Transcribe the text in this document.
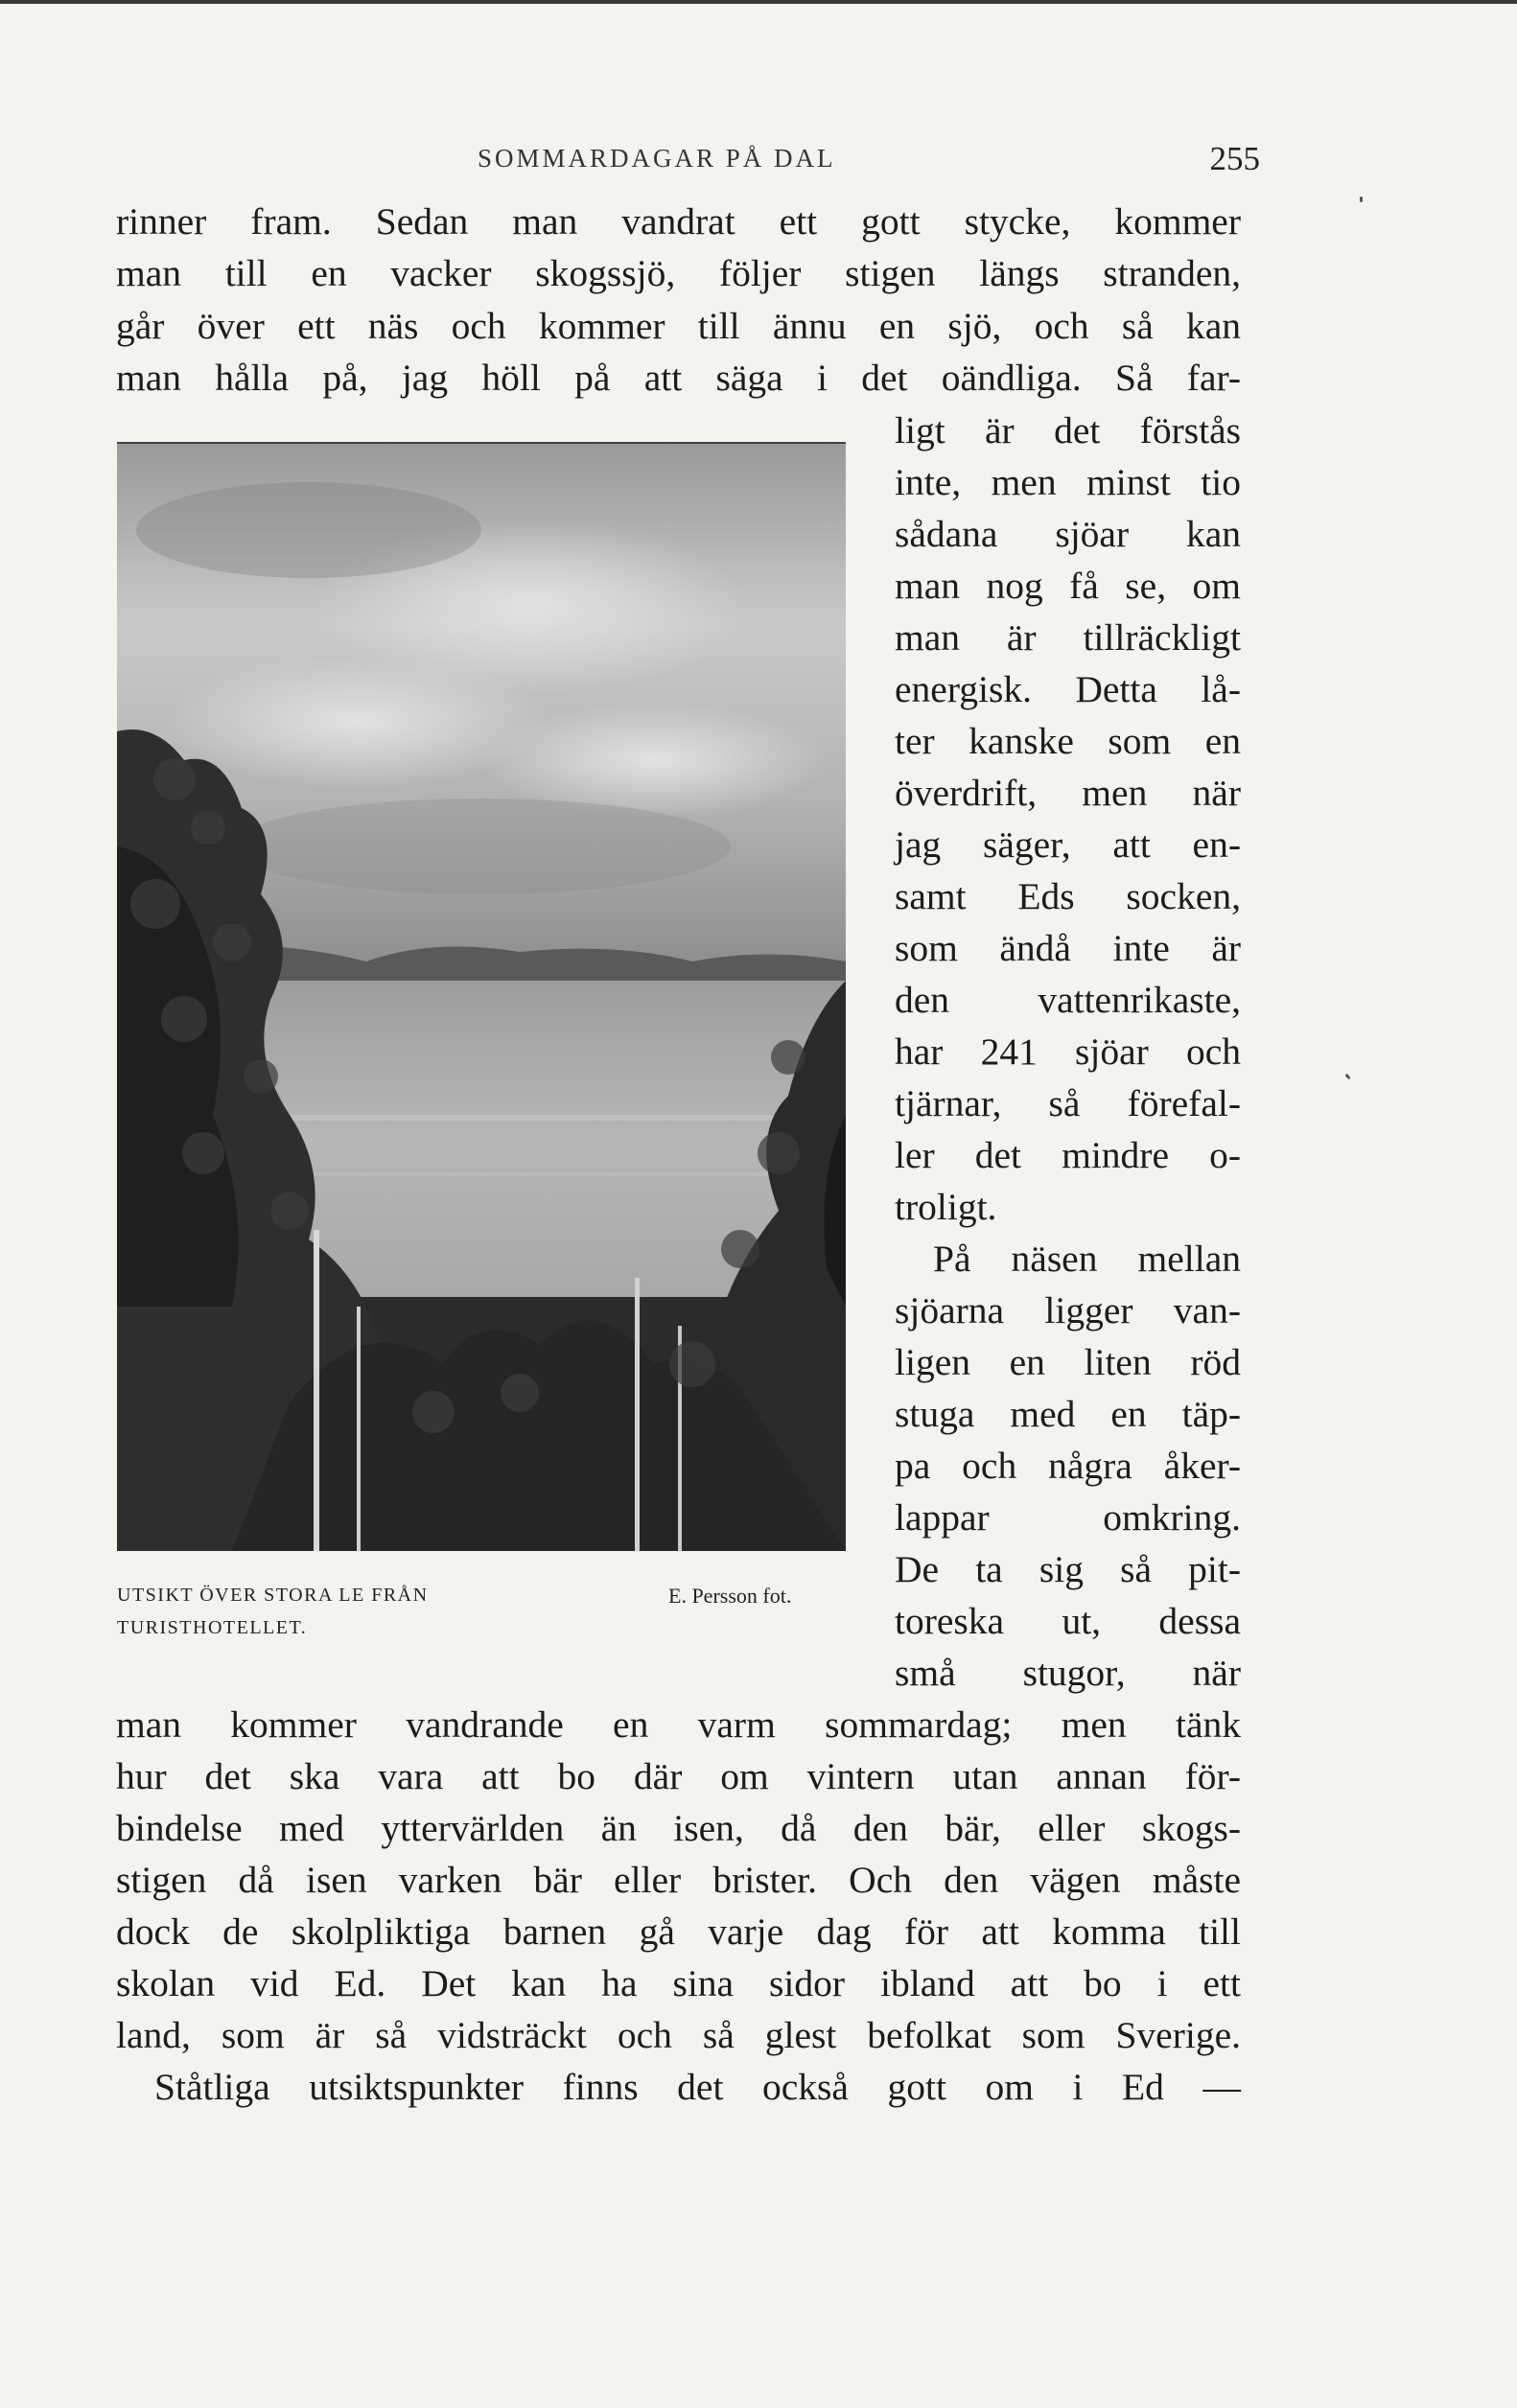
SOMMARDAGAR PÅ DAL	255
rinner fram. Sedan man vandrat ett gott stycke, kommer
man till en vacker skogssjö, följer stigen längs stranden,
går över ett näs och kommer till ännu en sjö, och så kan
man hålla på, jag höll på att säga i det oändliga. Så far-
UTSIKT ÖVER STORA LE FRÅN
TURISTHOTELLET.
E. Persson fot.
ligt är det förstås
inte, men minst tio
sådana sjöar kan
man nog få se, om
man är tillräckligt
energisk. Detta lå-
ter kanske som en
överdrift, men när
jag säger, att en-
samt Eds socken,
som ändå inte är
den vattenrikaste,
har 241 sjöar och
tjärnar, så förefal-
ler det mindre o-
troligt.
På näsen mellan
sjöarna ligger van-
ligen en liten röd
stuga med en täp-
pa och några åker-
lappar omkring.
De ta sig så pit-
toreska ut, dessa
små stugor, när
man kommer vandrande en varm sommardag; men tänk
hur det ska vara att bo där om vintern utan annan för-
bindelse med yttervärlden än isen, då den bär, eller skogs-
stigen då isen varken bär eller brister. Och den vägen måste
dock de skolpliktiga barnen gå varje dag för att komma till
skolan vid Ed. Det kan ha sina sidor ibland att bo i ett
land, som är så vidsträckt och så glest befolkat som Sverige.
Ståtliga utsiktspunkter finns det också gott om i Ed —
